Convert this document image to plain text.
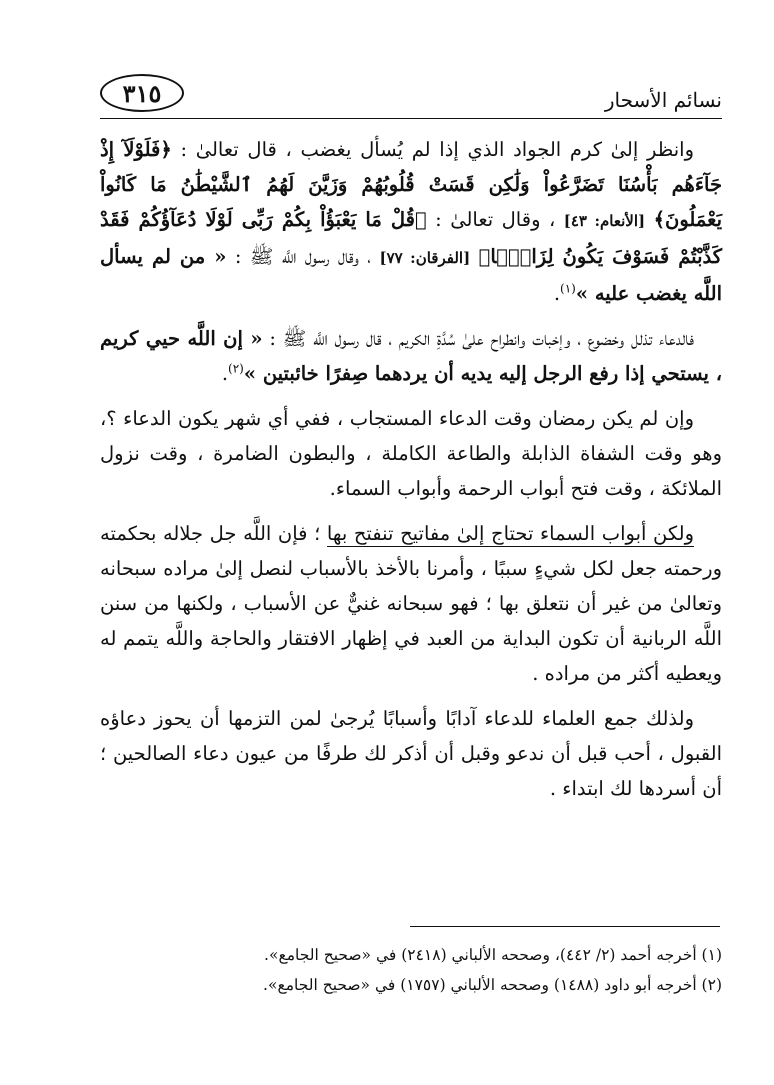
٣١٥	نسائم الأسحار

وانظر إلىٰ كرم الجواد الذي إذا لم يُسأل يغضب ، قال تعالىٰ : ﴿فَلَوْلَآ إِذْ جَآءَهُم بَأْسُنَا تَضَرَّعُواْ وَلَٰكِن قَسَتْ قُلُوبُهُمْ وَزَيَّنَ لَهُمُ ٱلشَّيْطَٰنُ مَا كَانُواْ يَعْمَلُونَ﴾ [الأنعام: ٤٣] ، وقال تعالىٰ : ﴿قُلْ مَا يَعْبَؤُاْ بِكُمْ رَبِّى لَوْلَا دُعَآؤُكُمْ فَقَدْ كَذَّبْتُمْ فَسَوْفَ يَكُونُ لِزَامًۢا﴾ [الفرقان: ٧٧] ، وقال رسول اللَّه ﷺ : « من لم يسأل اللَّه يغضب عليه »$^{(١)}$.

فالدعاء تذلل وخضوع ، وإخبات وانطراح علىٰ سُدَّةِ الكريم ، قال رسول اللَّه ﷺ : « إن اللَّه حيي كريم ، يستحي إذا رفع الرجل إليه يديه أن يردهما صِفرًا خائبتين »$^{(٢)}$.

وإن لم يكن رمضان وقت الدعاء المستجاب ، ففي أي شهر يكون الدعاء ؟، وهو وقت الشفاة الذابلة والطاعة الكاملة ، والبطون الضامرة ، وقت نزول الملائكة ، وقت فتح أبواب الرحمة وأبواب السماء.

ولكن أبواب السماء تحتاج إلىٰ مفاتيح تنفتح بها ؛ فإن اللَّه جل جلاله بحكمته ورحمته جعل لكل شيءٍ سببًا ، وأمرنا بالأخذ بالأسباب لنصل إلىٰ مراده سبحانه وتعالىٰ من غير أن نتعلق بها ؛ فهو سبحانه غنيٌّ عن الأسباب ، ولكنها من سنن اللَّه الربانية أن تكون البداية من العبد في إظهار الافتقار والحاجة واللَّه يتمم له ويعطيه أكثر من مراده .

ولذلك جمع العلماء للدعاء آدابًا وأسبابًا يُرجىٰ لمن التزمها أن يحوز دعاؤه القبول ، أحب قبل أن ندعو وقبل أن أذكر لك طرفًا من عيون دعاء الصالحين ؛ أن أسردها لك ابتداء .

(١) أخرجه أحمد (٢/ ٤٤٢)، وصححه الألباني (٢٤١٨) في «صحيح الجامع».

(٢) أخرجه أبو داود (١٤٨٨) وصححه الألباني (١٧٥٧) في «صحيح الجامع».
